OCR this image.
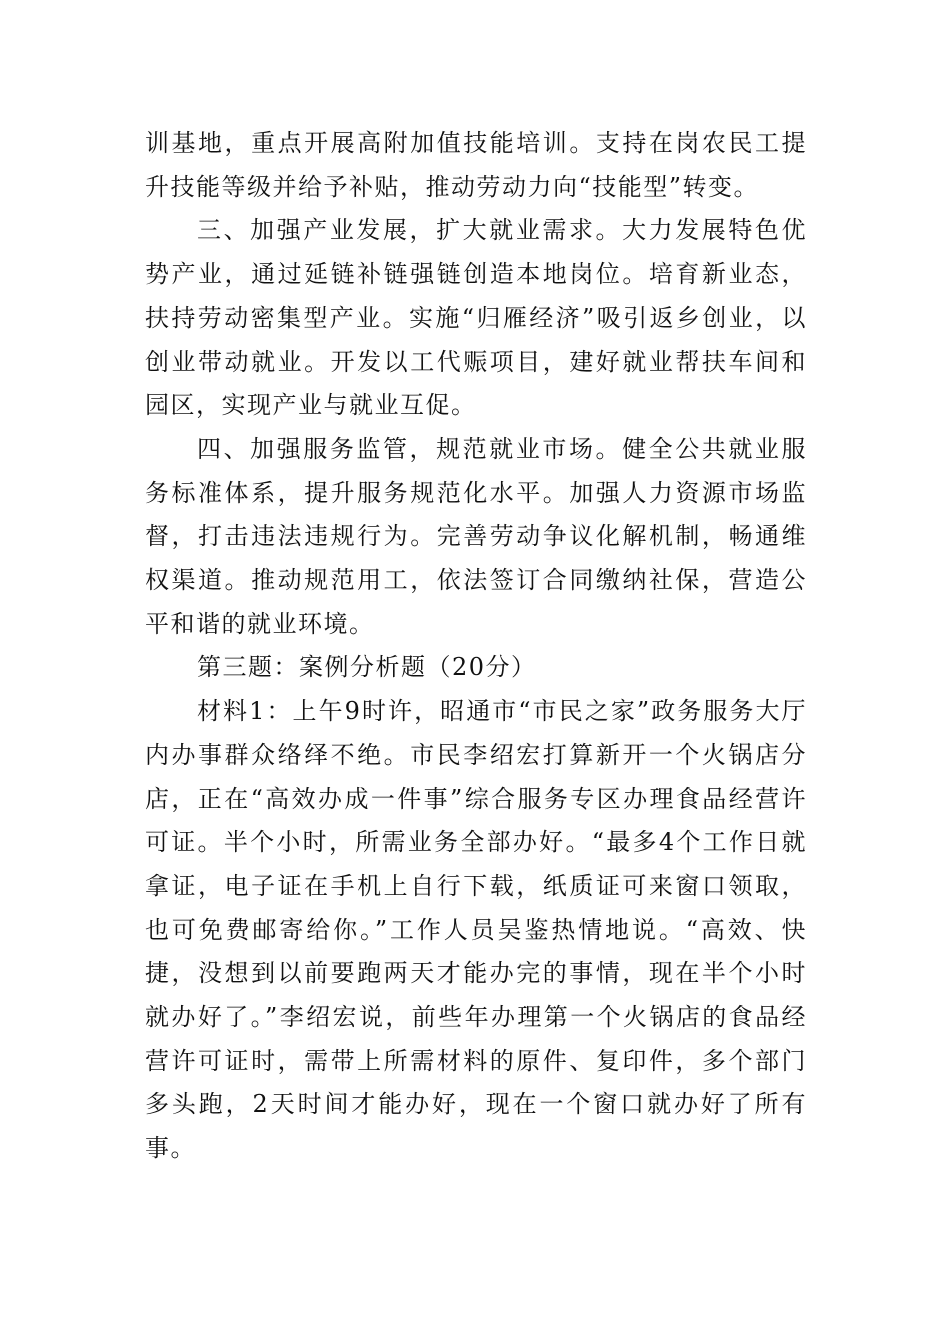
训基地，重点开展高附加值技能培训。支持在岗农民工提升技能等级并给予补贴，推动劳动力向“技能型”转变。

三、加强产业发展，扩大就业需求。大力发展特色优势产业，通过延链补链强链创造本地岗位。培育新业态，扶持劳动密集型产业。实施“归雁经济”吸引返乡创业，以创业带动就业。开发以工代赈项目，建好就业帮扶车间和园区，实现产业与就业互促。

四、加强服务监管，规范就业市场。健全公共就业服务标准体系，提升服务规范化水平。加强人力资源市场监督，打击违法违规行为。完善劳动争议化解机制，畅通维权渠道。推动规范用工，依法签订合同缴纳社保，营造公平和谐的就业环境。

第三题：案例分析题（20分）

材料1：上午9时许，昭通市“市民之家”政务服务大厅内办事群众络绎不绝。市民李绍宏打算新开一个火锅店分店，正在“高效办成一件事”综合服务专区办理食品经营许可证。半个小时，所需业务全部办好。“最多4个工作日就拿证，电子证在手机上自行下载，纸质证可来窗口领取，也可免费邮寄给你。”工作人员吴鉴热情地说。“高效、快捷，没想到以前要跑两天才能办完的事情，现在半个小时就办好了。”李绍宏说，前些年办理第一个火锅店的食品经营许可证时，需带上所需材料的原件、复印件，多个部门多头跑，2天时间才能办好，现在一个窗口就办好了所有事。
